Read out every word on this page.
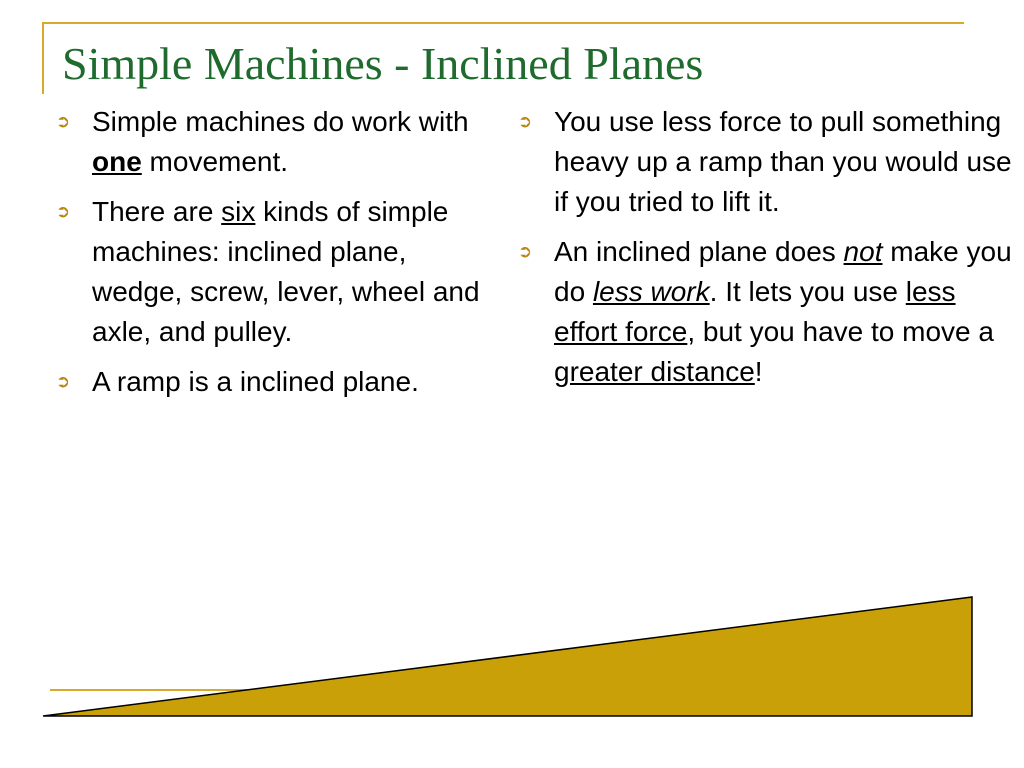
Simple Machines - Inclined Planes
➲ Simple machines do work with one movement.
➲ There are six kinds of simple machines: inclined plane, wedge, screw, lever, wheel and axle, and pulley.
➲ A ramp is a inclined plane.
➲ You use less force to pull something heavy up a ramp than you would use if you tried to lift it.
➲ An inclined plane does not make you do less work. It lets you use less effort force, but you have to move a greater distance!
